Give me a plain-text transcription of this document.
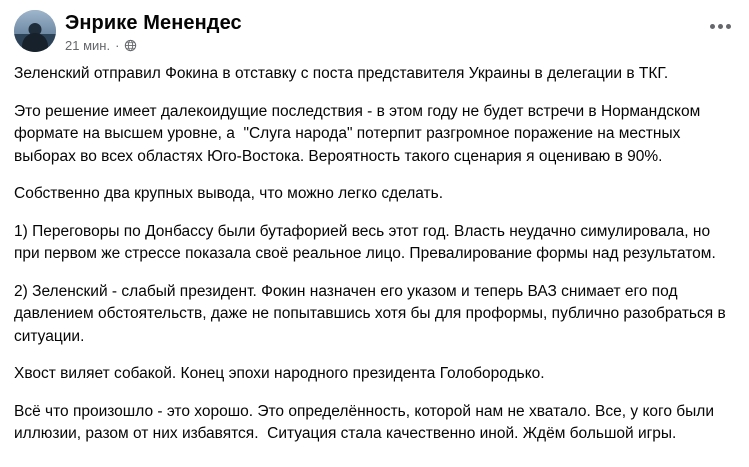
Энрике Менендес
21 мин. ·

Зеленский отправил Фокина в отставку с поста представителя Украины в делегации в ТКГ.

Это решение имеет далекоидущие последствия - в этом году не будет встречи в Нормандском формате на высшем уровне, а  "Слуга народа" потерпит разгромное поражение на местных выборах во всех областях Юго-Востока. Вероятность такого сценария я оцениваю в 90%.

Собственно два крупных вывода, что можно легко сделать.

1) Переговоры по Донбассу были бутафорией весь этот год. Власть неудачно симулировала, но при первом же стрессе показала своё реальное лицо. Превалирование формы над результатом.

2) Зеленский - слабый президент. Фокин назначен его указом и теперь ВАЗ снимает его под давлением обстоятельств, даже не попытавшись хотя бы для проформы, публично разобраться в ситуации.

Хвост виляет собакой. Конец эпохи народного президента Голобородько.

Всё что произошло - это хорошо. Это определённость, которой нам не хватало. Все, у кого были иллюзии, разом от них избавятся.  Ситуация стала качественно иной. Ждём большой игры.
